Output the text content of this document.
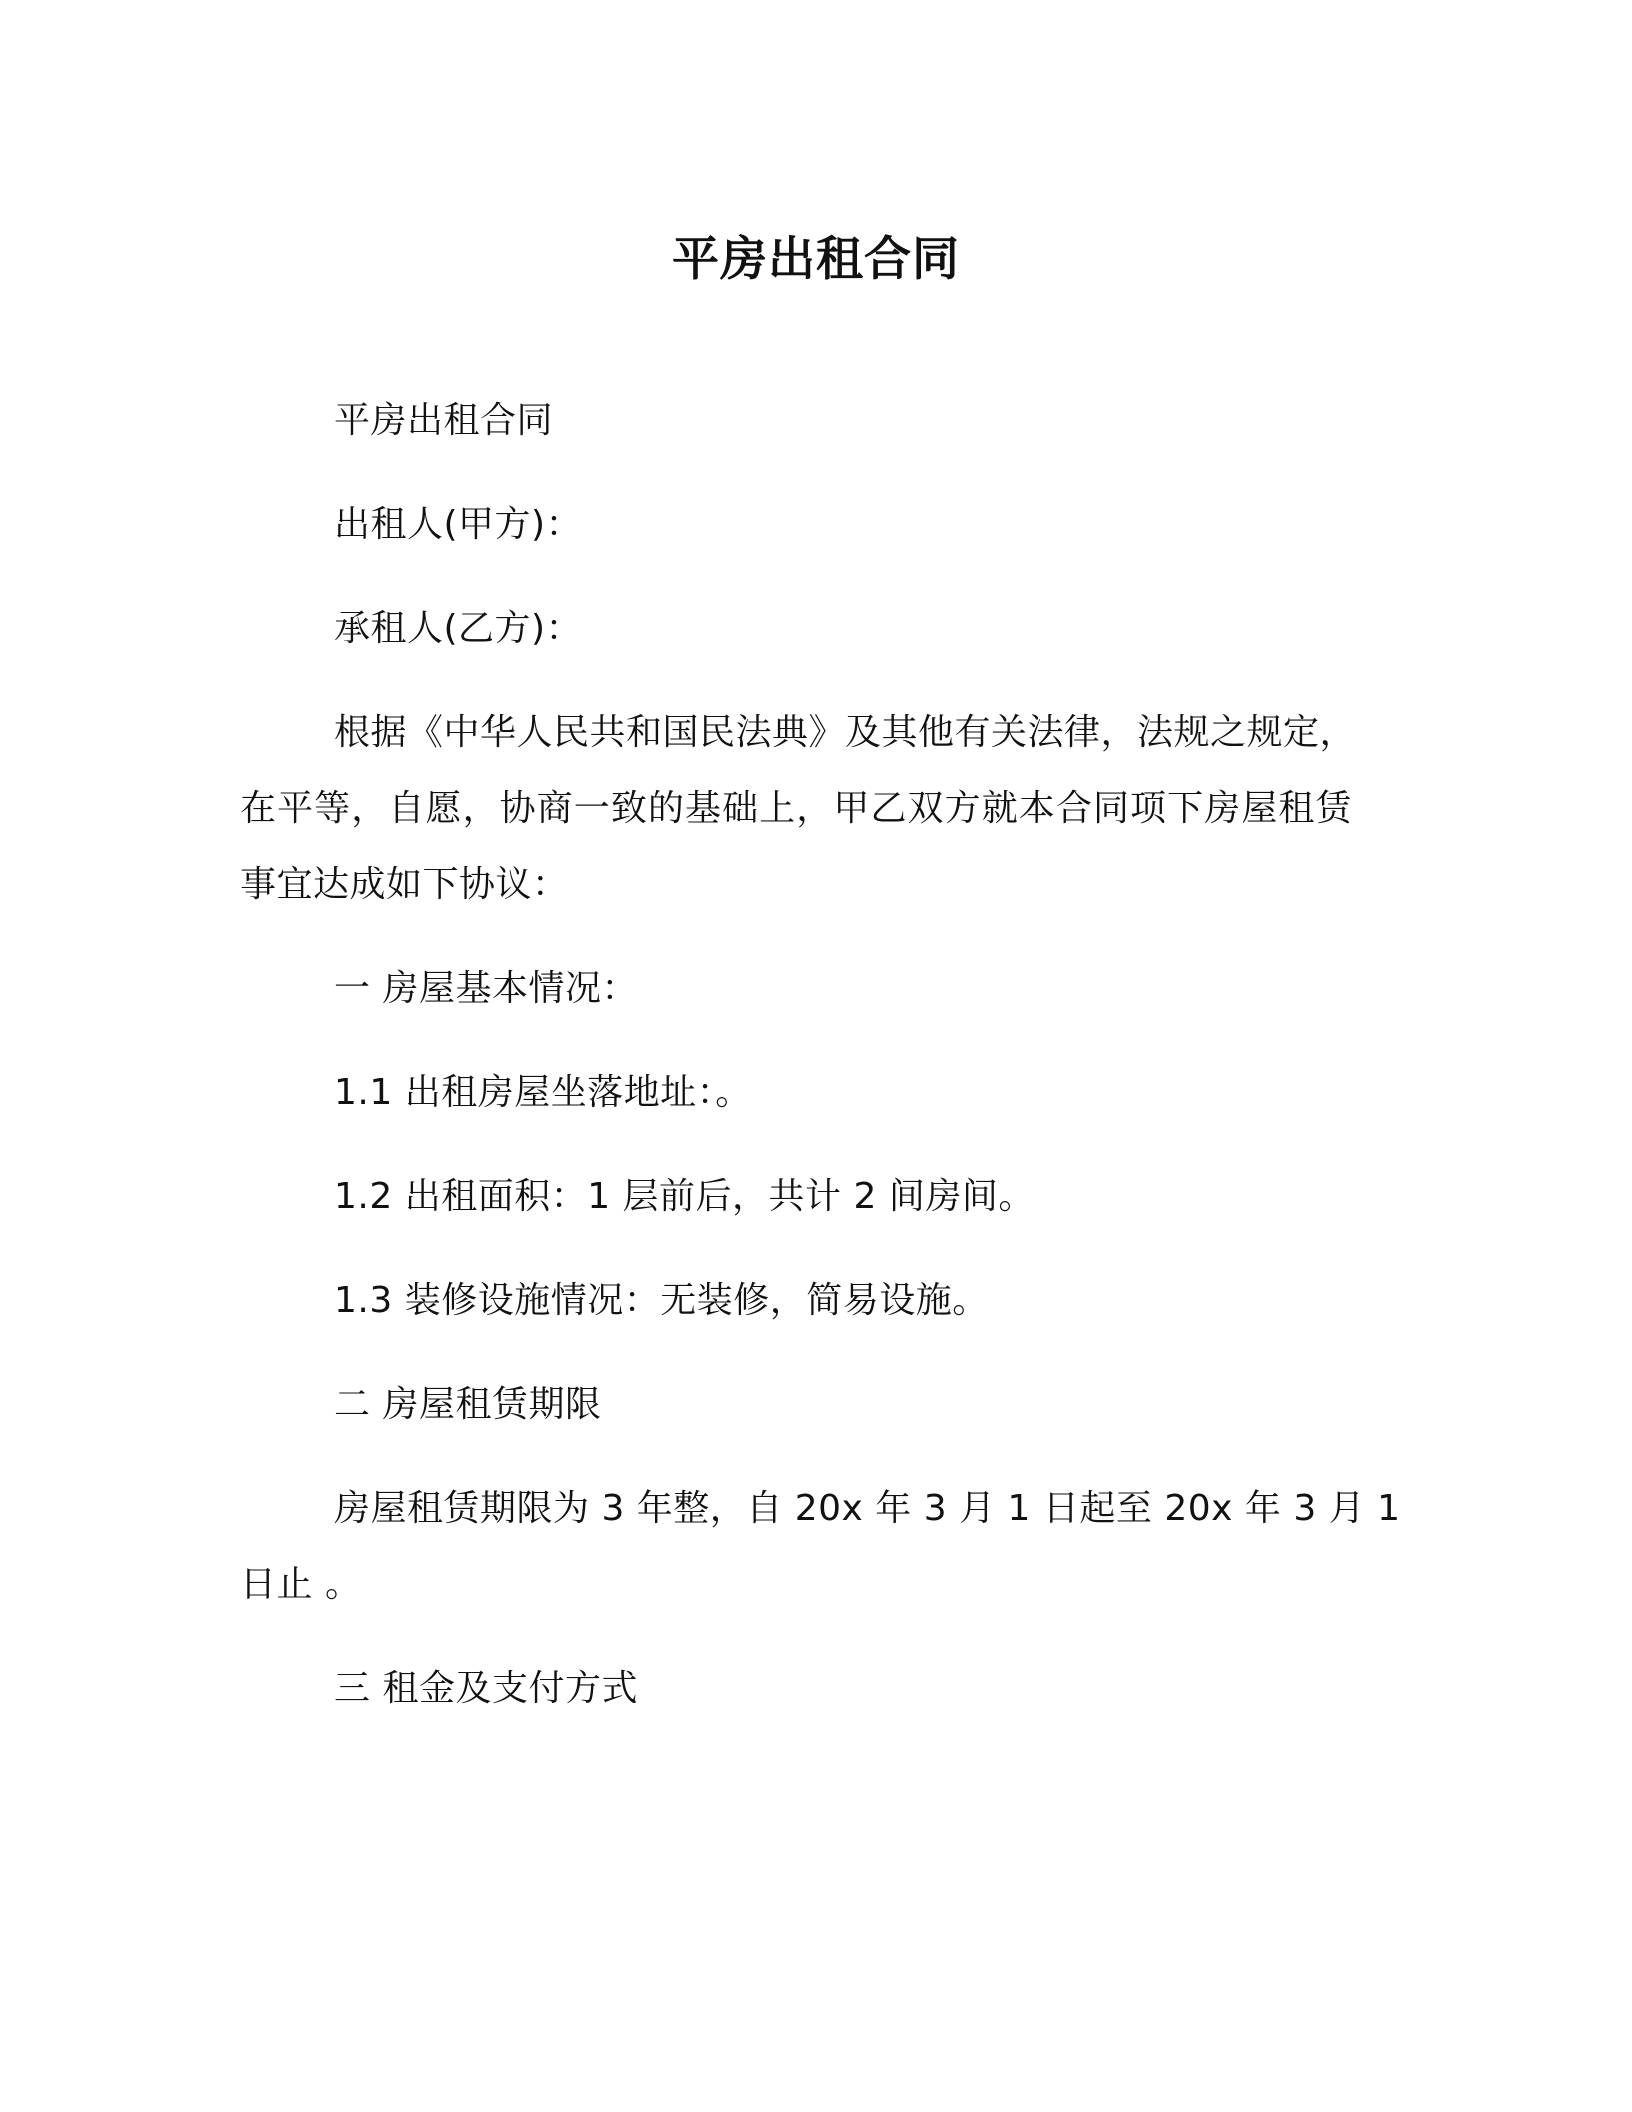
平房出租合同
平房出租合同
出租人(甲方)：
承租人(乙方)：
根据《中华人民共和国民法典》及其他有关法律，法规之规定，
在平等，自愿，协商一致的基础上，甲乙双方就本合同项下房屋租赁
事宜达成如下协议：
一 房屋基本情况：
1.1 出租房屋坐落地址：。
1.2 出租面积：1 层前后，共计 2 间房间。
1.3 装修设施情况：无装修，简易设施。
二 房屋租赁期限
房屋租赁期限为 3 年整，自 20x 年 3 月 1 日起至 20x 年 3 月 1
日止 。
三 租金及支付方式
